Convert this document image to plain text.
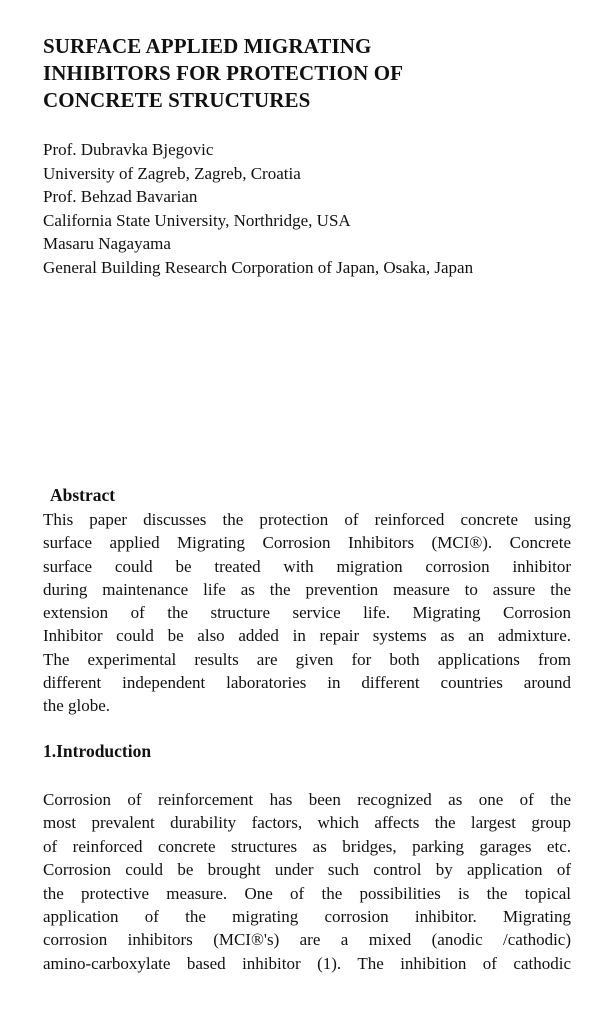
SURFACE APPLIED MIGRATING
INHIBITORS FOR PROTECTION OF
CONCRETE STRUCTURES
Prof. Dubravka Bjegovic
University of Zagreb, Zagreb, Croatia
Prof. Behzad Bavarian
California State University, Northridge, USA
Masaru Nagayama
General Building Research Corporation of Japan, Osaka, Japan
Abstract
This paper discusses the protection of reinforced concrete using
surface applied Migrating Corrosion Inhibitors (MCI®). Concrete
surface could be treated with migration corrosion inhibitor
during maintenance life as the prevention measure to assure the
extension of the structure service life. Migrating Corrosion
Inhibitor could be also added in repair systems as an admixture.
The experimental results are given for both applications from
different independent laboratories in different countries around
the globe.
1.Introduction
Corrosion of reinforcement has been recognized as one of the
most prevalent durability factors, which affects the largest group
of reinforced concrete structures as bridges, parking garages etc.
Corrosion could be brought under such control by application of
the protective measure. One of the possibilities is the topical
application of the migrating corrosion inhibitor. Migrating
corrosion inhibitors (MCI®'s) are a mixed (anodic /cathodic)
amino-carboxylate based inhibitor (1). The inhibition of cathodic
